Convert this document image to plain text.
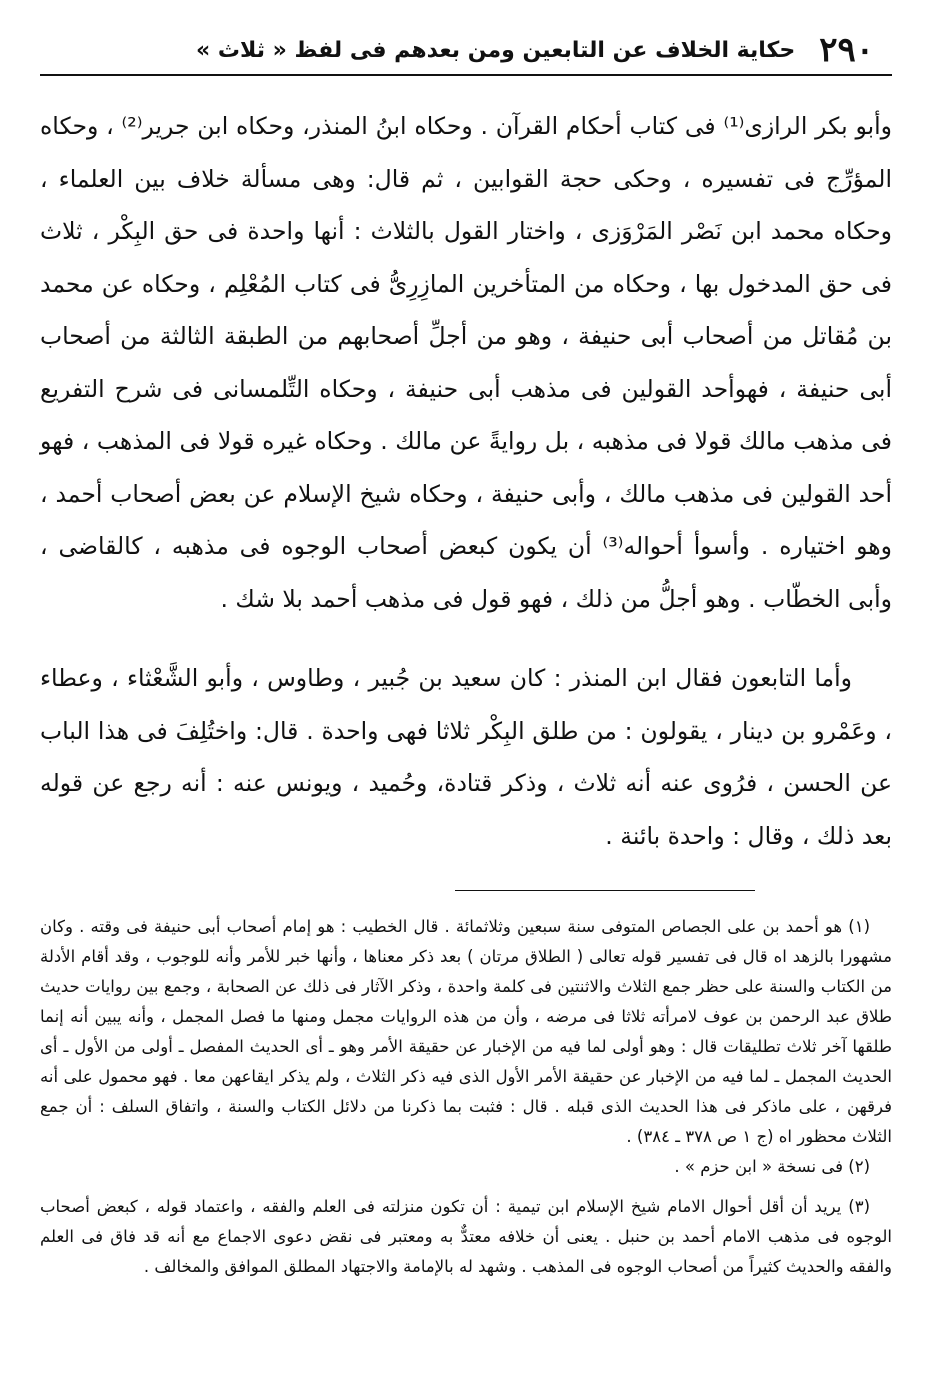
٢٩٠
حكاية الخلاف عن التابعين ومن بعدهم فى لفظ « ثلاث »

وأبو بكر الرازى⁽¹⁾ فى كتاب أحكام القرآن . وحكاه ابنُ المنذر، وحكاه ابن جرير⁽²⁾ ، وحكاه المؤرِّج فى تفسيره ، وحكى حجة القوابين ، ثم قال: وهى مسألة خلاف بين العلماء ، وحكاه محمد ابن نَصْر المَرْوَزى ، واختار القول بالثلاث : أنها واحدة فى حق البِكْر ، ثلاث فى حق المدخول بها ، وحكاه من المتأخرين المازِرِىُّ فى كتاب المُعْلِم ، وحكاه عن محمد بن مُقاتل من أصحاب أبى حنيفة ، وهو من أجلِّ أصحابهم من الطبقة الثالثة من أصحاب أبى حنيفة ، فهوأحد القولين فى مذهب أبى حنيفة ، وحكاه التِّلمسانى فى شرح التفريع فى مذهب مالك قولا فى مذهبه ، بل روايةً عن مالك . وحكاه غيره قولا فى المذهب ، فهو أحد القولين فى مذهب مالك ، وأبى حنيفة ، وحكاه شيخ الإسلام عن بعض أصحاب أحمد ، وهو اختياره . وأسوأ أحواله⁽³⁾ أن يكون كبعض أصحاب الوجوه فى مذهبه ، كالقاضى ، وأبى الخطّاب . وهو أجلُّ من ذلك ، فهو قول فى مذهب أحمد بلا شك .

وأما التابعون فقال ابن المنذر : كان سعيد بن جُبير ، وطاوس ، وأبو الشَّعْثاء ، وعطاء ، وعَمْرو بن دينار ، يقولون : من طلق البِكْر ثلاثا فهى واحدة . قال: واختُلِفَ فى هذا الباب عن الحسن ، فرُوى عنه أنه ثلاث ، وذكر قتادة، وحُميد ، ويونس عنه : أنه رجع عن قوله بعد ذلك ، وقال : واحدة بائنة .

(١) هو أحمد بن على الجصاص المتوفى سنة سبعين وثلاثمائة . قال الخطيب : هو إمام أصحاب أبى حنيفة فى وقته . وكان مشهورا بالزهد اه قال فى تفسير قوله تعالى ( الطلاق مرتان ) بعد ذكر معناها ، وأنها خبر للأمر وأنه للوجوب ، وقد أقام الأدلة من الكتاب والسنة على حظر جمع الثلاث والاثنتين فى كلمة واحدة ، وذكر الآثار فى ذلك عن الصحابة ، وجمع بين روايات حديث طلاق عبد الرحمن بن عوف لامرأته ثلاثا فى مرضه ، وأن من هذه الروايات مجمل ومنها ما فصل المجمل ، وأنه يبين أنه إنما طلقها آخر ثلاث تطليقات قال : وهو أولى لما فيه من الإخبار عن حقيقة الأمر وهو ـ أى الحديث المفصل ـ أولى من الأول ـ أى الحديث المجمل ـ لما فيه من الإخبار عن حقيقة الأمر الأول الذى فيه ذكر الثلاث ، ولم يذكر ايقاعهن معا . فهو محمول على أنه فرقهن ، على ماذكر فى هذا الحديث الذى قبله . قال : فثبت بما ذكرنا من دلائل الكتاب والسنة ، واتفاق السلف : أن جمع الثلاث محظور اه (ج ١ ص ٣٧٨ ـ ٣٨٤) .

(٢) فى نسخة « ابن حزم » .

(٣) يريد أن أقل أحوال الامام شيخ الإسلام ابن تيمية : أن تكون منزلته فى العلم والفقه ، واعتماد قوله ، كبعض أصحاب الوجوه فى مذهب الامام أحمد بن حنبل . يعنى أن خلافه معتدٌّ به ومعتبر فى نقض دعوى الاجماع مع أنه قد فاق فى العلم والفقه والحديث كثيراً من أصحاب الوجوه فى المذهب . وشهد له بالإمامة والاجتهاد المطلق الموافق والمخالف .
